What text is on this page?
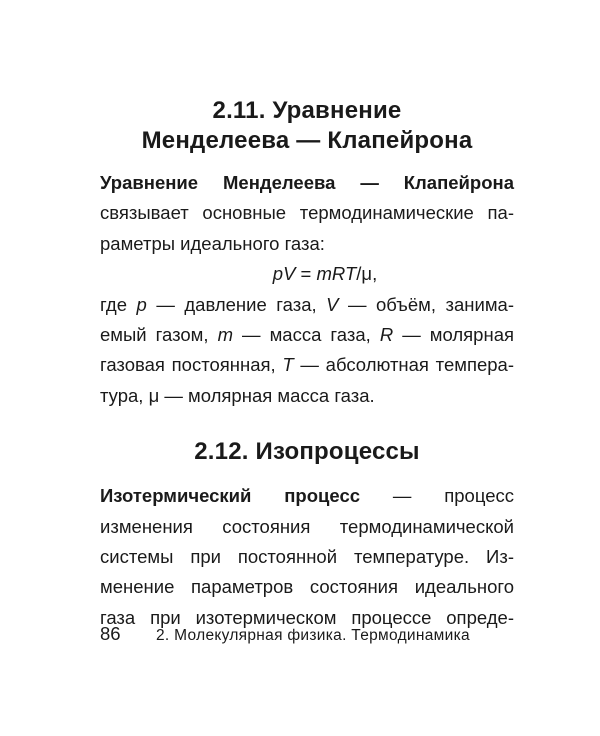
2.11. Уравнение
Менделеева — Клапейрона
Уравнение Менделеева — Клапейрона
связывает основные термодинамические па-
раметры идеального газа:
pV = mRT/μ,
где p — давление газа, V — объём, занима-
емый газом, m — масса газа, R — молярная
газовая постоянная, T — абсолютная темпера-
тура, μ — молярная масса газа.
2.12. Изопроцессы
Изотермический процесс — процесс
изменения состояния термодинамической
системы при постоянной температуре. Из-
менение параметров состояния идеального
газа при изотермическом процессе опреде-
86 2. Молекулярная физика. Термодинамика
